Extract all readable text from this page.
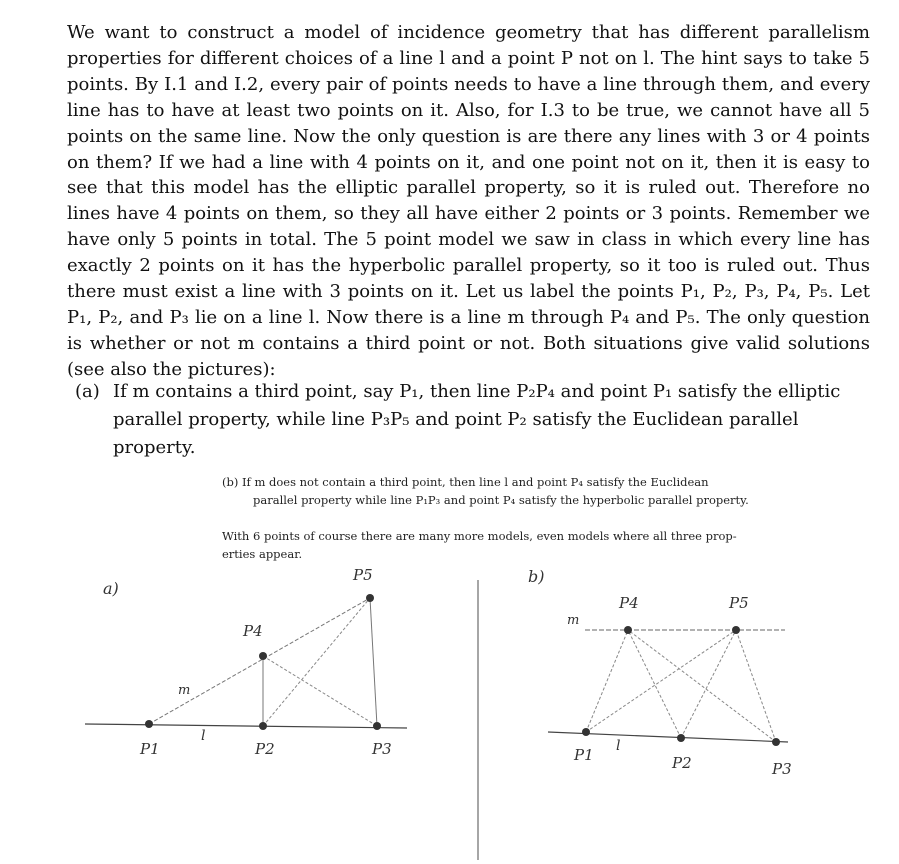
We want to construct a model of incidence geometry that has different parallelism properties for different choices of a line l and a point P not on l. The hint says to take 5 points. By I.1 and I.2, every pair of points needs to have a line through them, and every line has to have at least two points on it. Also, for I.3 to be true, we cannot have all 5 points on the same line. Now the only question is are there any lines with 3 or 4 points on them? If we had a line with 4 points on it, and one point not on it, then it is easy to see that this model has the elliptic parallel property, so it is ruled out. Therefore no lines have 4 points on them, so they all have either 2 points or 3 points. Remember we have only 5 points in total. The 5 point model we saw in class in which every line has exactly 2 points on it has the hyperbolic parallel property, so it too is ruled out. Thus there must exist a line with 3 points on it. Let us label the points P₁, P₂, P₃, P₄, P₅. Let P₁, P₂, and P₃ lie on a line l. Now there is a line m through P₄ and P₅. The only question is whether or not m contains a third point or not. Both situations give valid solutions (see also the pictures):
(a) If m contains a third point, say P₁, then line P₂P₄ and point P₁ satisfy the elliptic
parallel property, while line P₃P₅ and point P₂ satisfy the Euclidean parallel property.
(b) If m does not contain a third point, then line l and point P₄ satisfy the Euclidean
parallel property while line P₁P₃ and point P₄ satisfy the hyperbolic parallel property.
With 6 points of course there are many more models, even models where all three prop-
erties appear.
a)
P1	P2	P3
P4
P5
m
l
b)
P1	P2	P3
P4	P5
m
l
